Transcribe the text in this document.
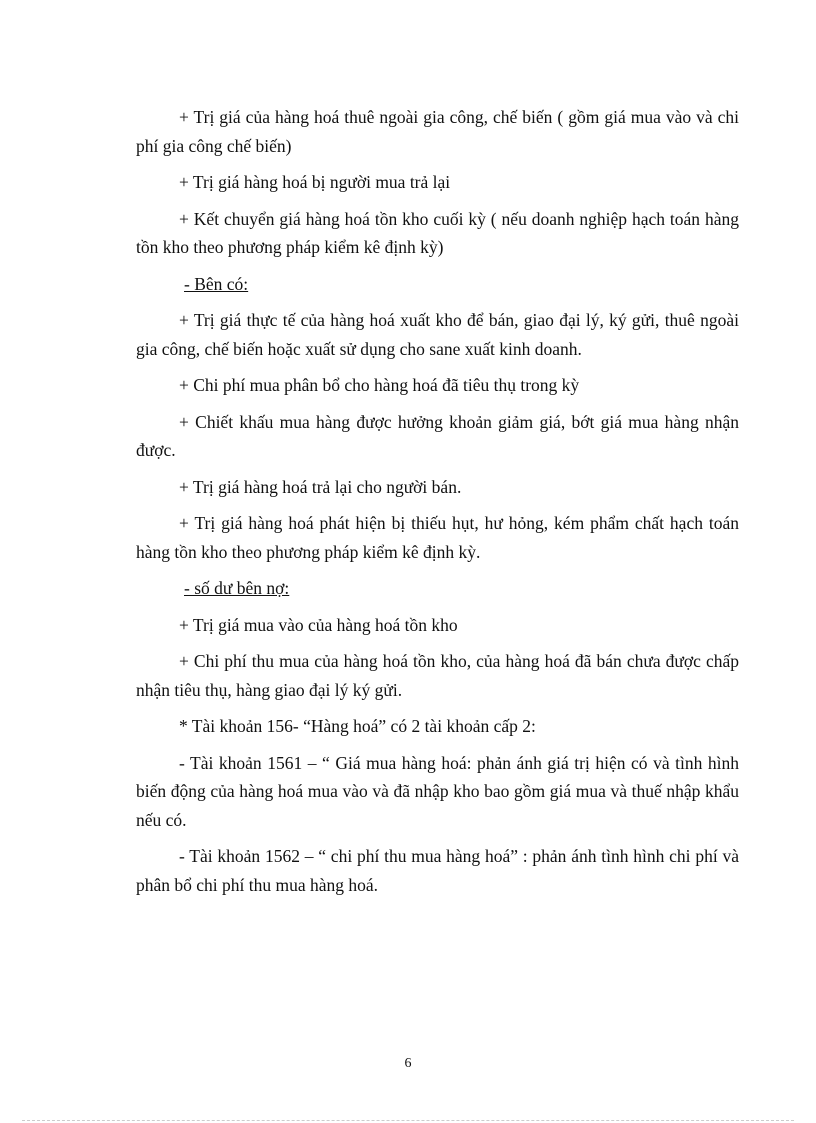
+ Trị giá của hàng hoá thuê ngoài gia công, chế biến ( gồm giá mua vào và chi phí gia công chế biến)

+ Trị giá hàng hoá bị người mua trả lại

+ Kết chuyển giá hàng hoá tồn kho cuối kỳ ( nếu doanh nghiệp hạch toán hàng tồn kho theo phương pháp kiểm kê định kỳ)

- Bên có:

+ Trị giá thực tế của hàng hoá xuất kho để bán, giao đại lý, ký gửi, thuê ngoài gia công, chế biến hoặc xuất sử dụng cho sane xuất kinh doanh.

+ Chi phí mua phân bổ cho hàng hoá đã tiêu thụ trong kỳ

+ Chiết khấu mua hàng được hưởng khoản giảm giá, bớt giá mua hàng nhận được.

+ Trị giá hàng hoá trả lại cho người bán.

+ Trị giá hàng hoá phát hiện bị thiếu hụt, hư hỏng, kém phẩm chất hạch toán hàng tồn kho theo phương pháp kiểm kê định kỳ.

- số dư bên nợ:

+ Trị giá mua vào của hàng hoá tồn kho

+ Chi phí thu mua của hàng hoá tồn kho, của hàng hoá đã bán chưa được chấp nhận tiêu thụ, hàng giao đại lý ký gửi.

* Tài khoản 156- “Hàng hoá” có 2 tài khoản cấp 2:

- Tài khoản 1561 – “ Giá mua hàng hoá: phản ánh giá trị hiện có và tình hình biến động của hàng hoá mua vào và đã nhập kho bao gồm giá mua và thuế nhập khẩu nếu có.

- Tài khoản 1562 – “ chi phí thu mua hàng hoá” : phản ánh tình hình chi phí và phân bổ chi phí thu mua hàng hoá.

6
